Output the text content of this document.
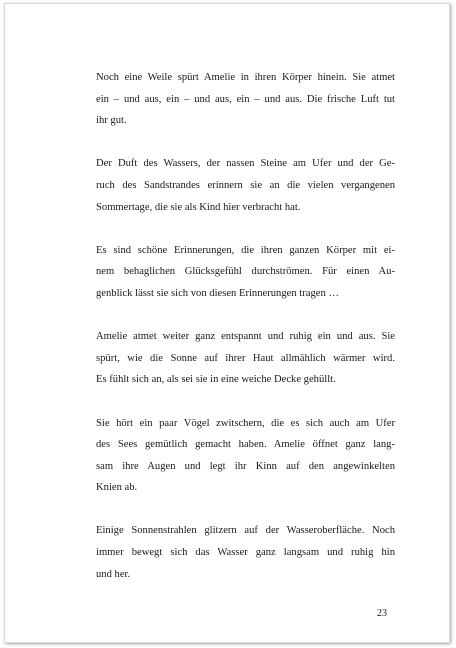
Noch eine Weile spürt Amelie in ihren Körper hinein. Sie atmet
ein – und aus, ein – und aus, ein – und aus. Die frische Luft tut
ihr gut.

Der Duft des Wassers, der nassen Steine am Ufer und der Ge-
ruch des Sandstrandes erinnern sie an die vielen vergangenen
Sommertage, die sie als Kind hier verbracht hat.

Es sind schöne Erinnerungen, die ihren ganzen Körper mit ei-
nem behaglichen Glücksgefühl durchströmen. Für einen Au-
genblick lässt sie sich von diesen Erinnerungen tragen …

Amelie atmet weiter ganz entspannt und ruhig ein und aus. Sie
spürt, wie die Sonne auf ihrer Haut allmählich wärmer wird.
Es fühlt sich an, als sei sie in eine weiche Decke gehüllt.

Sie hört ein paar Vögel zwitschern, die es sich auch am Ufer
des Sees gemütlich gemacht haben. Amelie öffnet ganz lang-
sam ihre Augen und legt ihr Kinn auf den angewinkelten
Knien ab.

Einige Sonnenstrahlen glitzern auf der Wasseroberfläche. Noch
immer bewegt sich das Wasser ganz langsam und ruhig hin
und her.

23
